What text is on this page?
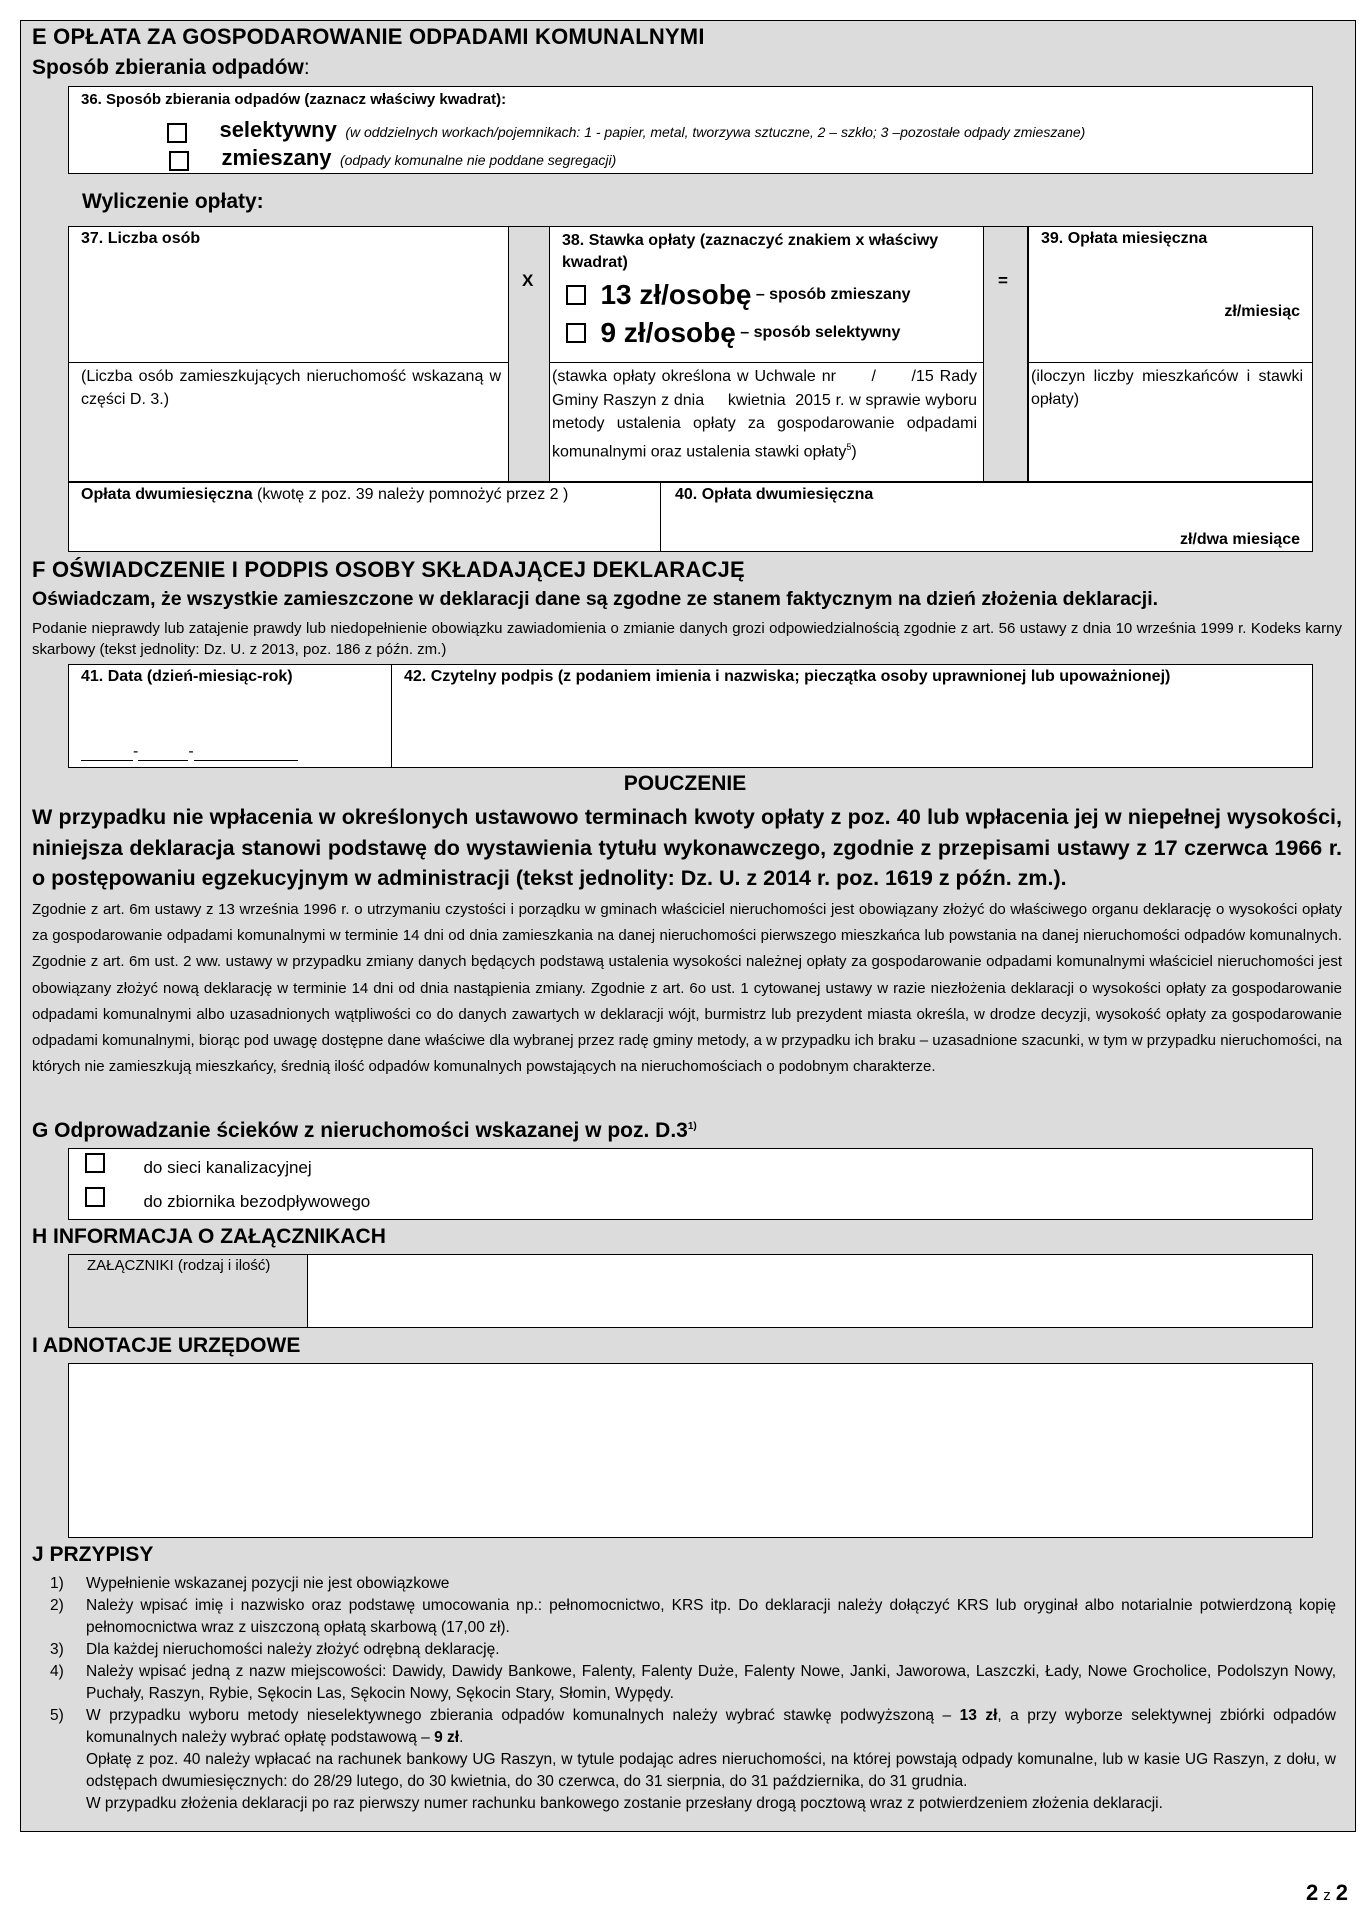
E OPŁATA ZA GOSPODAROWANIE ODPADAMI KOMUNALNYMI
Sposób zbierania odpadów:
36. Sposób zbierania odpadów (zaznacz właściwy kwadrat):
selektywny (w oddzielnych workach/pojemnikach: 1 - papier, metal, tworzywa sztuczne, 2 – szkło; 3 –pozostałe odpady zmieszane)
zmieszany (odpady komunalne nie poddane segregacji)
Wyliczenie opłaty:
37. Liczba osób
(Liczba osób zamieszkujących nieruchomość wskazaną w części D. 3.)
X
38. Stawka opłaty (zaznaczyć znakiem x właściwy kwadrat)
13 zł/osobę – sposób zmieszany
9 zł/osobę – sposób selektywny
(stawka opłaty określona w Uchwale nr      /      /15 Rady Gminy Raszyn z dnia     kwietnia  2015 r. w sprawie wyboru metody ustalenia opłaty za gospodarowanie odpadami komunalnymi oraz ustalenia stawki opłaty$^5$)
=
39. Opłata miesięczna
zł/miesiąc
(iloczyn liczby mieszkańców i stawki opłaty)
Opłata dwumiesięczna (kwotę z poz. 39 należy pomnożyć przez 2 )	40. Opłata dwumiesięczna
zł/dwa miesiące
F OŚWIADCZENIE I PODPIS OSOBY SKŁADAJĄCEJ DEKLARACJĘ
Oświadczam, że wszystkie zamieszczone w deklaracji dane są zgodne ze stanem faktycznym na dzień złożenia deklaracji.
Podanie nieprawdy lub zatajenie prawdy lub niedopełnienie obowiązku zawiadomienia o zmianie danych grozi odpowiedzialnością zgodnie z art. 56 ustawy z dnia 10 września 1999 r. Kodeks karny skarbowy (tekst jednolity: Dz. U. z 2013, poz. 186 z późn. zm.)
41. Data (dzień-miesiąc-rok)
-	-
42. Czytelny podpis (z podaniem imienia i nazwiska; pieczątka osoby uprawnionej lub upoważnionej)
POUCZENIE
W przypadku nie wpłacenia w określonych ustawowo terminach kwoty opłaty z poz. 40 lub wpłacenia jej w niepełnej wysokości, niniejsza deklaracja stanowi podstawę do wystawienia tytułu wykonawczego, zgodnie z przepisami ustawy z 17 czerwca 1966 r. o postępowaniu egzekucyjnym w administracji (tekst jednolity: Dz. U. z 2014 r. poz. 1619 z późn. zm.).
Zgodnie z art. 6m ustawy z 13 września 1996 r. o utrzymaniu czystości i porządku w gminach właściciel nieruchomości jest obowiązany złożyć do właściwego organu deklarację o wysokości opłaty za gospodarowanie odpadami komunalnymi w terminie 14 dni od dnia zamieszkania na danej nieruchomości pierwszego mieszkańca lub powstania na danej nieruchomości odpadów komunalnych. Zgodnie z art. 6m ust. 2 ww. ustawy w przypadku zmiany danych będących podstawą ustalenia wysokości należnej opłaty za gospodarowanie odpadami komunalnymi właściciel nieruchomości jest obowiązany złożyć nową deklarację w terminie 14 dni od dnia nastąpienia zmiany. Zgodnie z art. 6o ust. 1 cytowanej ustawy w razie niezłożenia deklaracji o wysokości opłaty za gospodarowanie odpadami komunalnymi albo uzasadnionych wątpliwości co do danych zawartych w deklaracji wójt, burmistrz lub prezydent miasta określa, w drodze decyzji, wysokość opłaty za gospodarowanie odpadami komunalnymi, biorąc pod uwagę dostępne dane właściwe dla wybranej przez radę gminy metody, a w przypadku ich braku – uzasadnione szacunki, w tym w przypadku nieruchomości, na których nie zamieszkują mieszkańcy, średnią ilość odpadów komunalnych powstających na nieruchomościach o podobnym charakterze.
G Odprowadzanie ścieków z nieruchomości wskazanej w poz. D.3$^{1)}$
do sieci kanalizacyjnej
do zbiornika bezodpływowego
H INFORMACJA O ZAŁĄCZNIKACH
ZAŁĄCZNIKI (rodzaj i ilość)
I ADNOTACJE URZĘDOWE
J PRZYPISY
1) Wypełnienie wskazanej pozycji nie jest obowiązkowe
2) Należy wpisać imię i nazwisko oraz podstawę umocowania np.: pełnomocnictwo, KRS itp. Do deklaracji należy dołączyć KRS lub oryginał albo notarialnie potwierdzoną kopię pełnomocnictwa wraz z uiszczoną opłatą skarbową (17,00 zł).
3) Dla każdej nieruchomości należy złożyć odrębną deklarację.
4) Należy wpisać jedną z nazw miejscowości: Dawidy, Dawidy Bankowe, Falenty, Falenty Duże, Falenty Nowe, Janki, Jaworowa, Laszczki, Łady, Nowe Grocholice, Podolszyn Nowy, Puchały, Raszyn, Rybie, Sękocin Las, Sękocin Nowy, Sękocin Stary, Słomin, Wypędy.
5) W przypadku wyboru metody nieselektywnego zbierania odpadów komunalnych należy wybrać stawkę podwyższoną – 13 zł, a przy wyborze selektywnej zbiórki odpadów komunalnych należy wybrać opłatę podstawową – 9 zł.
Opłatę z poz. 40 należy wpłacać na rachunek bankowy UG Raszyn, w tytule podając adres nieruchomości, na której powstają odpady komunalne, lub w kasie UG Raszyn, z dołu, w odstępach dwumiesięcznych: do 28/29 lutego, do 30 kwietnia, do 30 czerwca, do 31 sierpnia, do 31 października, do 31 grudnia.
W przypadku złożenia deklaracji po raz pierwszy numer rachunku bankowego zostanie przesłany drogą pocztową wraz z potwierdzeniem złożenia deklaracji.
2 z 2
